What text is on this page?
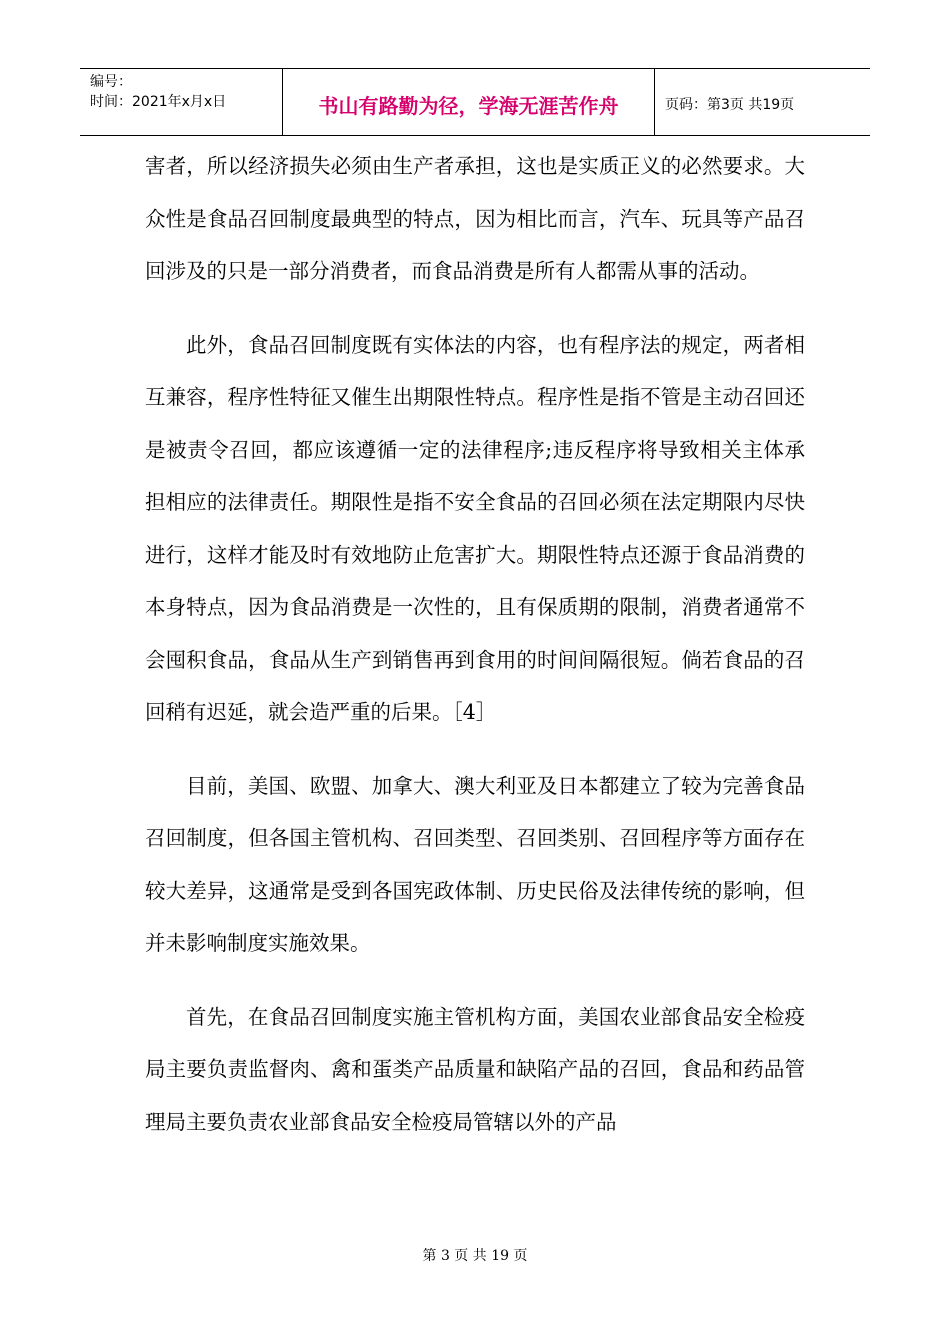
编号：
时间：2021年x月x日	书山有路勤为径，学海无涯苦作舟	页码：第3页 共19页

害者，所以经济损失必须由生产者承担，这也是实质正义的必然要求。大众性是食品召回制度最典型的特点，因为相比而言，汽车、玩具等产品召回涉及的只是一部分消费者，而食品消费是所有人都需从事的活动。

此外，食品召回制度既有实体法的内容，也有程序法的规定，两者相互兼容，程序性特征又催生出期限性特点。程序性是指不管是主动召回还是被责令召回，都应该遵循一定的法律程序;违反程序将导致相关主体承担相应的法律责任。期限性是指不安全食品的召回必须在法定期限内尽快进行，这样才能及时有效地防止危害扩大。期限性特点还源于食品消费的本身特点，因为食品消费是一次性的，且有保质期的限制，消费者通常不会囤积食品，食品从生产到销售再到食用的时间间隔很短。倘若食品的召回稍有迟延，就会造严重的后果。［4］

目前，美国、欧盟、加拿大、澳大利亚及日本都建立了较为完善食品召回制度，但各国主管机构、召回类型、召回类别、召回程序等方面存在较大差异，这通常是受到各国宪政体制、历史民俗及法律传统的影响，但并未影响制度实施效果。

首先，在食品召回制度实施主管机构方面，美国农业部食品安全检疫局主要负责监督肉、禽和蛋类产品质量和缺陷产品的召回，食品和药品管理局主要负责农业部食品安全检疫局管辖以外的产品

第 3 页 共 19 页
